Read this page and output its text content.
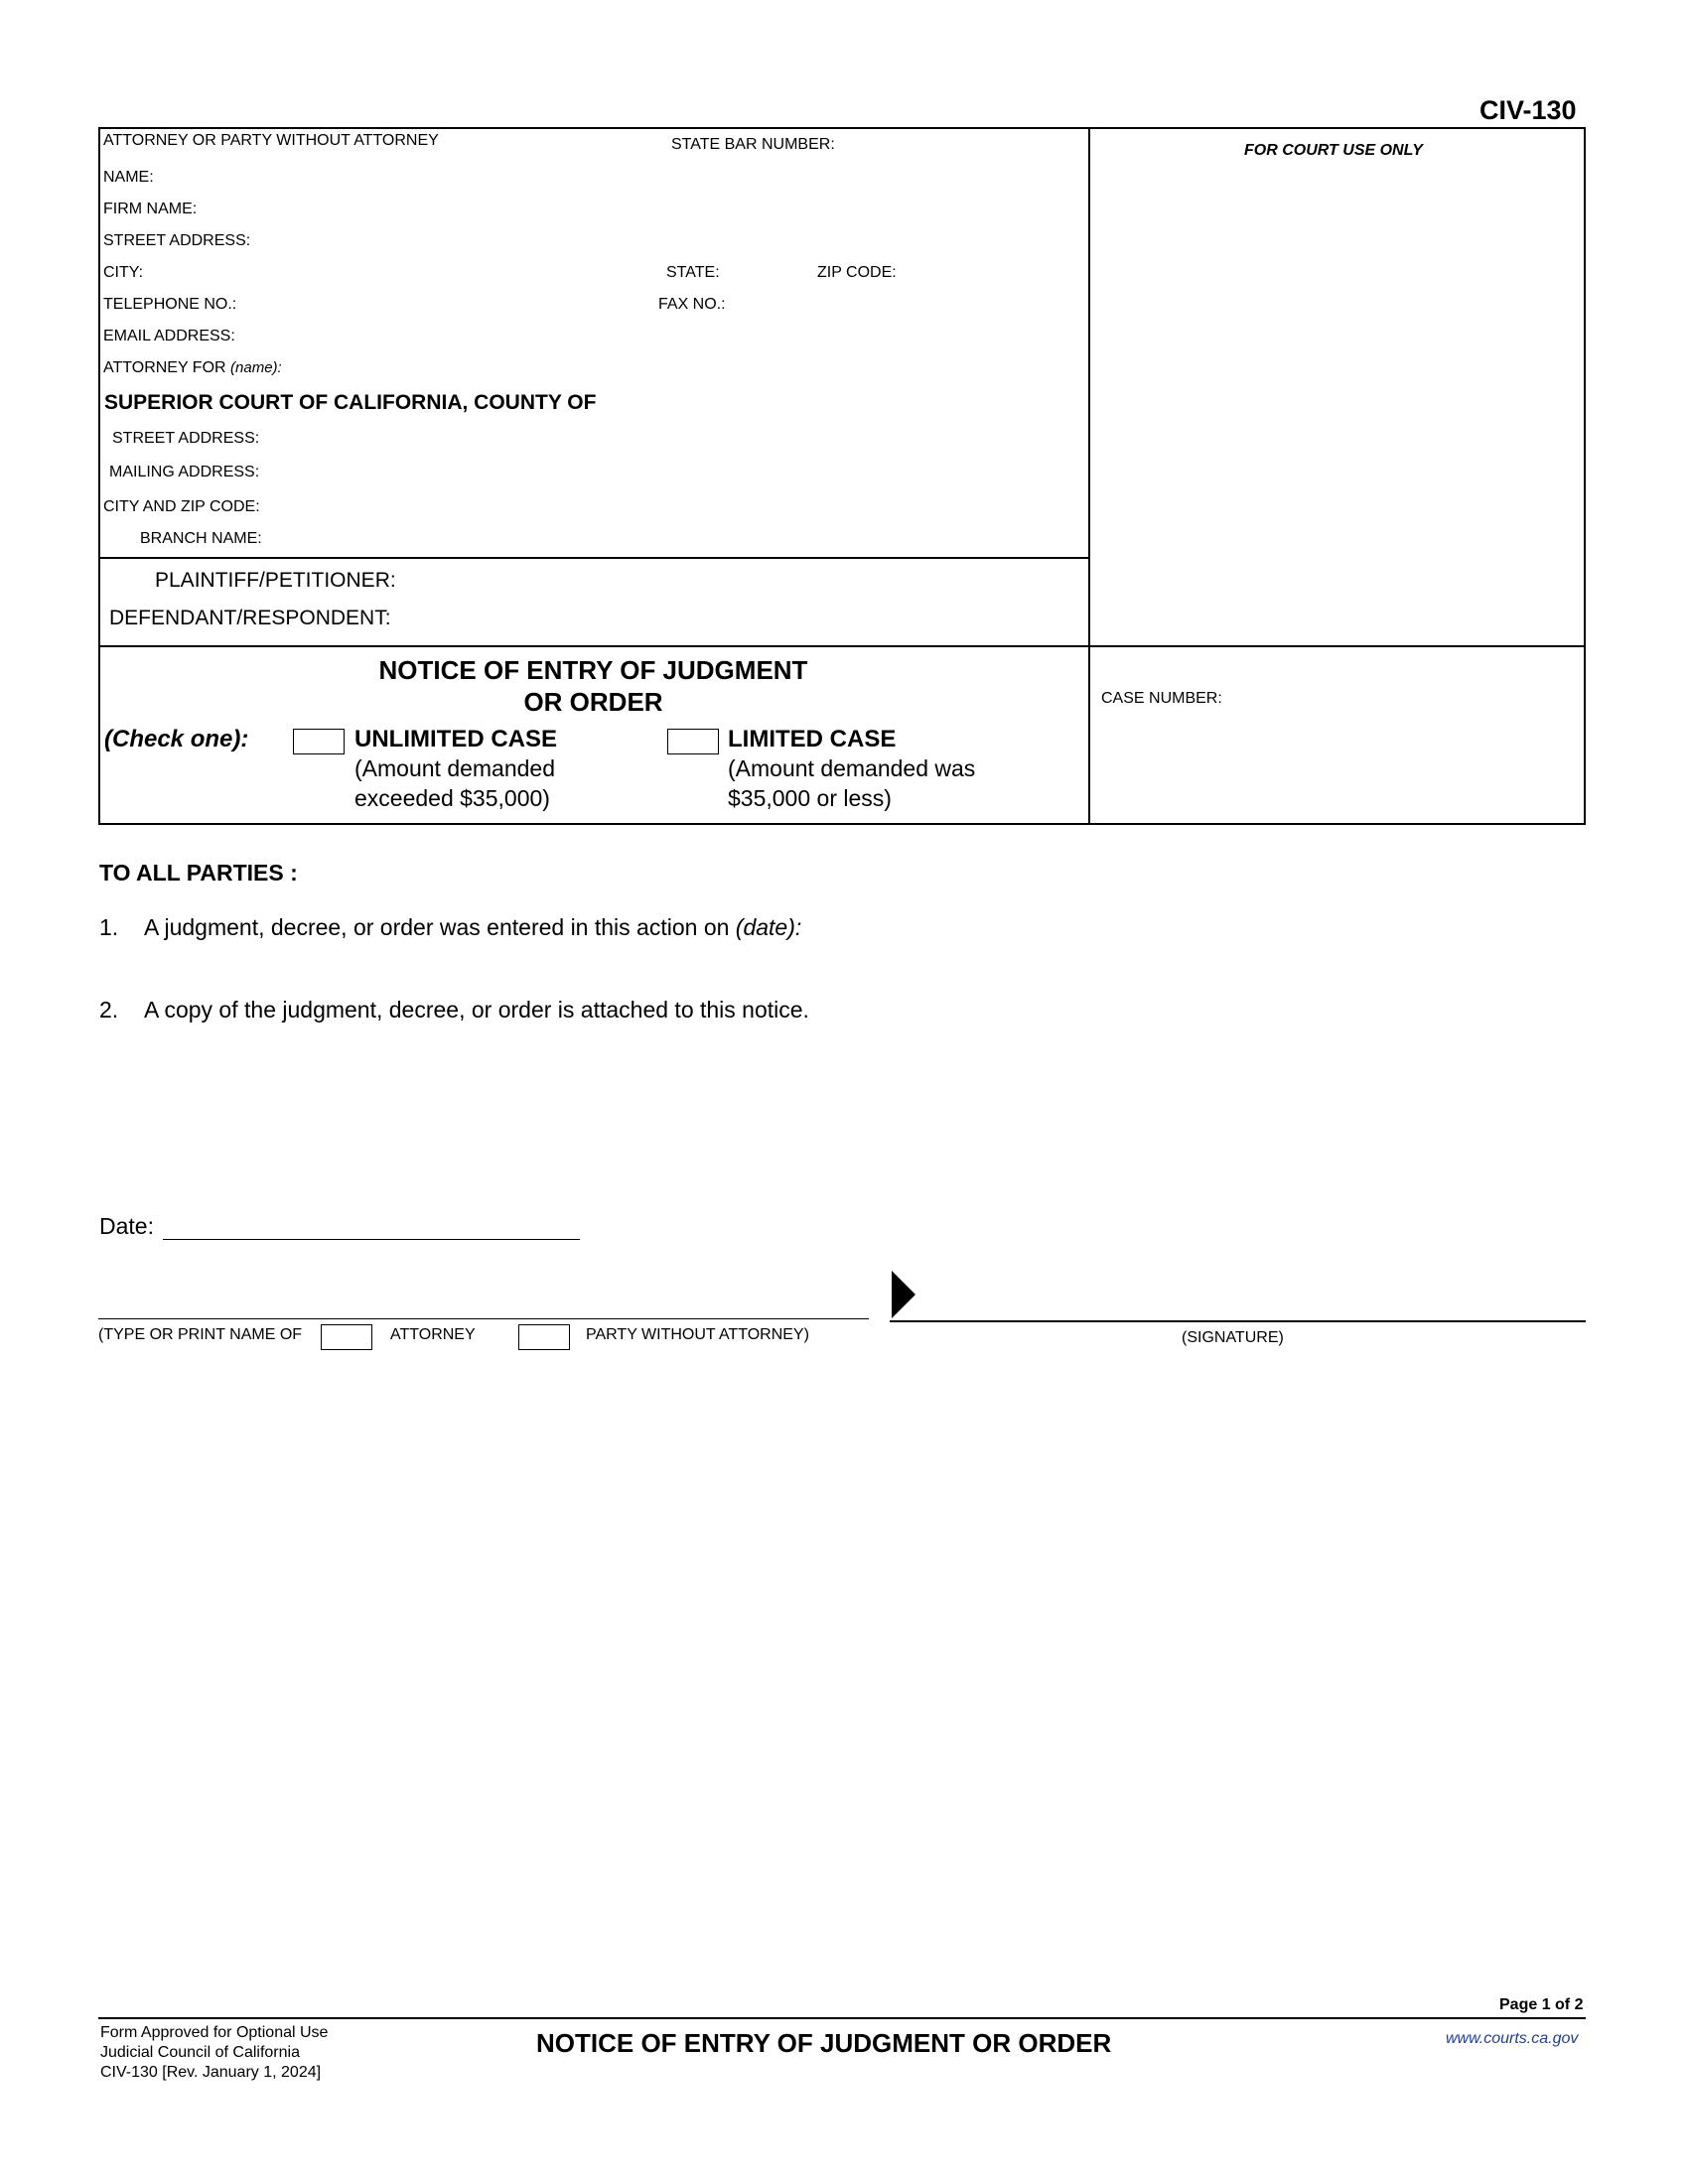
CIV-130
ATTORNEY OR PARTY WITHOUT ATTORNEY	STATE BAR NUMBER:
NAME:
FIRM NAME:
STREET ADDRESS:
CITY:	STATE:	ZIP CODE:
TELEPHONE NO.:	FAX NO.:
EMAIL ADDRESS:
ATTORNEY FOR (name):
SUPERIOR COURT OF CALIFORNIA, COUNTY OF
STREET ADDRESS:
MAILING ADDRESS:
CITY AND ZIP CODE:
BRANCH NAME:
PLAINTIFF/PETITIONER:
DEFENDANT/RESPONDENT:
FOR COURT USE ONLY
NOTICE OF ENTRY OF JUDGMENT
OR ORDER
(Check one):	UNLIMITED CASE
(Amount demanded
exceeded $35,000)
LIMITED CASE
(Amount demanded was
$35,000 or less)
CASE NUMBER:
TO ALL PARTIES :
1. A judgment, decree, or order was entered in this action on (date):
2. A copy of the judgment, decree, or order is attached to this notice.
Date:
(TYPE OR PRINT NAME OF	ATTORNEY	PARTY WITHOUT ATTORNEY)	(SIGNATURE)
Page 1 of 2
Form Approved for Optional Use
Judicial Council of California
CIV-130 [Rev. January 1, 2024]
NOTICE OF ENTRY OF JUDGMENT OR ORDER	www.courts.ca.gov
